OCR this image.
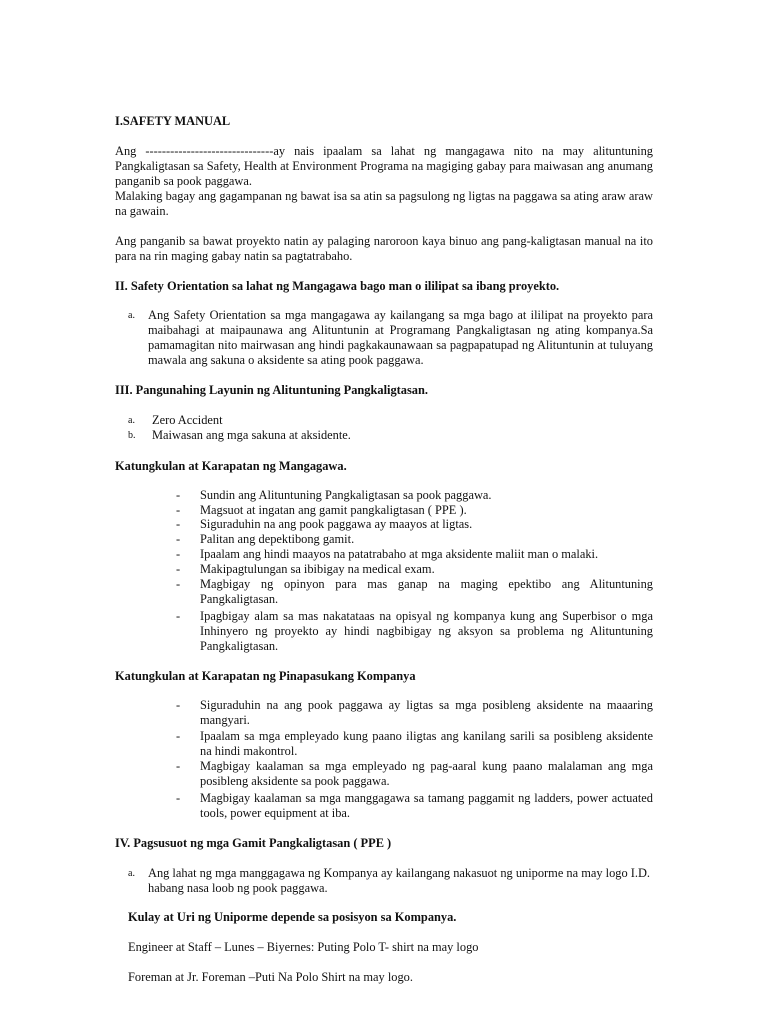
I.SAFETY MANUAL

Ang -------------------------------ay nais ipaalam sa lahat ng mangagawa nito na may alituntuning Pangkaligtasan sa Safety, Health at Environment Programa na magiging gabay para maiwasan ang anumang panganib sa pook paggawa.

Malaking bagay ang gagampanan ng bawat isa sa atin sa pagsulong ng ligtas na paggawa sa ating araw araw na gawain.

Ang panganib sa bawat proyekto natin ay palaging naroroon kaya binuo ang pang-kaligtasan manual na ito para na rin maging gabay natin sa pagtatrabaho.

II. Safety Orientation sa lahat ng Mangagawa bago man o ililipat sa ibang proyekto.

a.	Ang Safety Orientation sa mga mangagawa ay kailangang sa mga bago at ililipat na proyekto para maibahagi at maipaunawa ang Alituntunin at Programang Pangkaligtasan ng ating kompanya.Sa pamamagitan nito mairwasan ang hindi pagkakaunawaan sa pagpapatupad ng Alituntunin at tuluyang mawala ang sakuna o aksidente sa ating pook paggawa.

III. Pangunahing Layunin ng Alituntuning Pangkaligtasan.

a.	Zero Accident

b.	Maiwasan ang mga sakuna at aksidente.

Katungkulan at Karapatan ng Mangagawa.

-	Sundin ang Alituntuning Pangkaligtasan sa pook paggawa.

-	Magsuot at ingatan ang gamit pangkaligtasan ( PPE ).

-	Siguraduhin na ang pook paggawa ay maayos at ligtas.

-	Palitan ang depektibong gamit.

-	Ipaalam ang hindi maayos na patatrabaho at mga aksidente maliit man o malaki.

-	Makipagtulungan sa ibibigay na medical exam.

-	Magbigay ng opinyon para mas ganap na maging epektibo ang Alituntuning Pangkaligtasan.

-	Ipagbigay alam sa mas nakatataas na opisyal ng kompanya kung ang Superbisor o mga Inhinyero ng proyekto ay hindi nagbibigay ng aksyon sa problema ng Alituntuning Pangkaligtasan.

Katungkulan at Karapatan ng Pinapasukang Kompanya

-	Siguraduhin na ang pook paggawa ay ligtas sa mga posibleng aksidente na maaaring mangyari.

-	Ipaalam sa mga empleyado kung paano iligtas ang kanilang sarili sa posibleng aksidente na hindi makontrol.

-	Magbigay kaalaman sa mga empleyado ng pag-aaral kung paano malalaman ang mga posibleng aksidente sa pook paggawa.

-	Magbigay kaalaman sa mga manggagawa sa tamang paggamit ng ladders, power actuated tools, power equipment at iba.

IV. Pagsusuot ng mga Gamit Pangkaligtasan ( PPE )

a.	Ang lahat ng mga manggagawa ng Kompanya ay kailangang nakasuot ng uniporme na may logo I.D. habang nasa loob ng pook paggawa.

Kulay at Uri ng Uniporme depende sa posisyon sa Kompanya.

Engineer at Staff – Lunes – Biyernes: Puting Polo T- shirt na may logo

Foreman at Jr. Foreman –Puti Na Polo Shirt na may logo.
